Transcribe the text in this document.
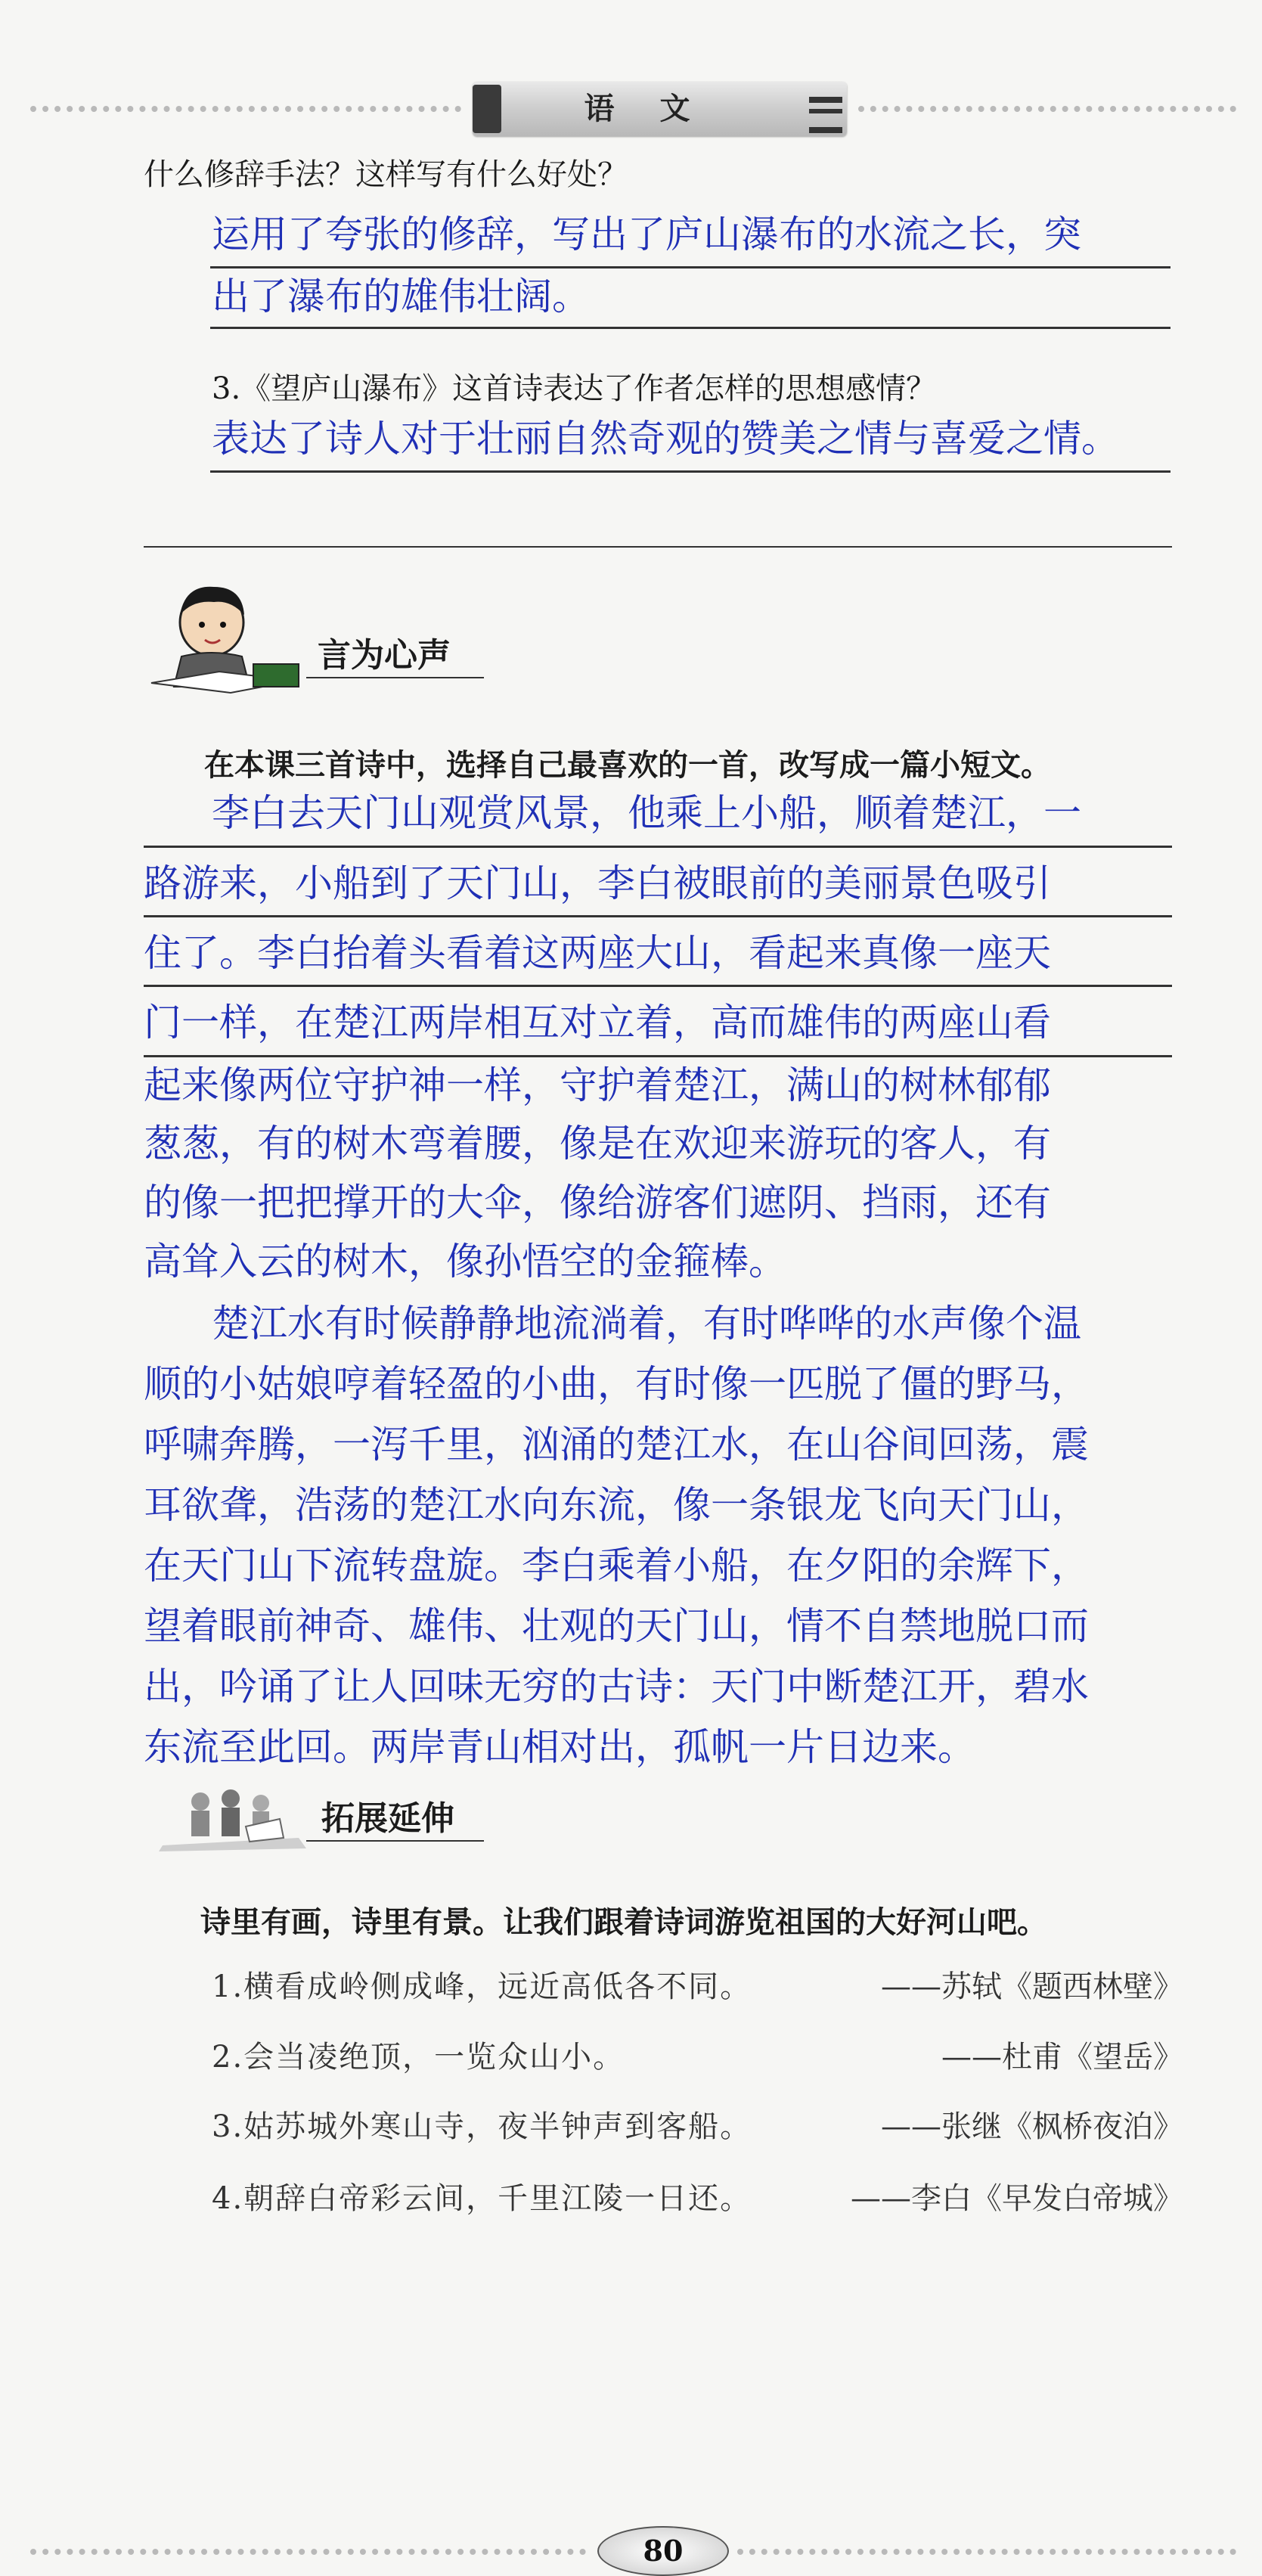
语文
什么修辞手法？这样写有什么好处？
运用了夸张的修辞，写出了庐山瀑布的水流之长，突
出了瀑布的雄伟壮阔。
3.《望庐山瀑布》这首诗表达了作者怎样的思想感情？
表达了诗人对于壮丽自然奇观的赞美之情与喜爱之情。
言为心声
在本课三首诗中，选择自己最喜欢的一首，改写成一篇小短文。
李白去天门山观赏风景，他乘上小船，顺着楚江，一
路游来，小船到了天门山，李白被眼前的美丽景色吸引
住了。李白抬着头看着这两座大山，看起来真像一座天
门一样，在楚江两岸相互对立着，高而雄伟的两座山看
起来像两位守护神一样，守护着楚江，满山的树林郁郁
葱葱，有的树木弯着腰，像是在欢迎来游玩的客人，有
的像一把把撑开的大伞，像给游客们遮阴、挡雨，还有
高耸入云的树木，像孙悟空的金箍棒。
楚江水有时候静静地流淌着，有时哗哗的水声像个温
顺的小姑娘哼着轻盈的小曲，有时像一匹脱了僵的野马，
呼啸奔腾，一泻千里，汹涌的楚江水，在山谷间回荡，震
耳欲聋，浩荡的楚江水向东流，像一条银龙飞向天门山，
在天门山下流转盘旋。李白乘着小船，在夕阳的余辉下，
望着眼前神奇、雄伟、壮观的天门山，情不自禁地脱口而
出，吟诵了让人回味无穷的古诗：天门中断楚江开，碧水
东流至此回。两岸青山相对出，孤帆一片日边来。
拓展延伸
诗里有画，诗里有景。让我们跟着诗词游览祖国的大好河山吧。
1.横看成岭侧成峰，远近高低各不同。	——苏轼《题西林壁》
2.会当凌绝顶，一览众山小。	——杜甫《望岳》
3.姑苏城外寒山寺，夜半钟声到客船。	——张继《枫桥夜泊》
4.朝辞白帝彩云间，千里江陵一日还。	——李白《早发白帝城》
80
